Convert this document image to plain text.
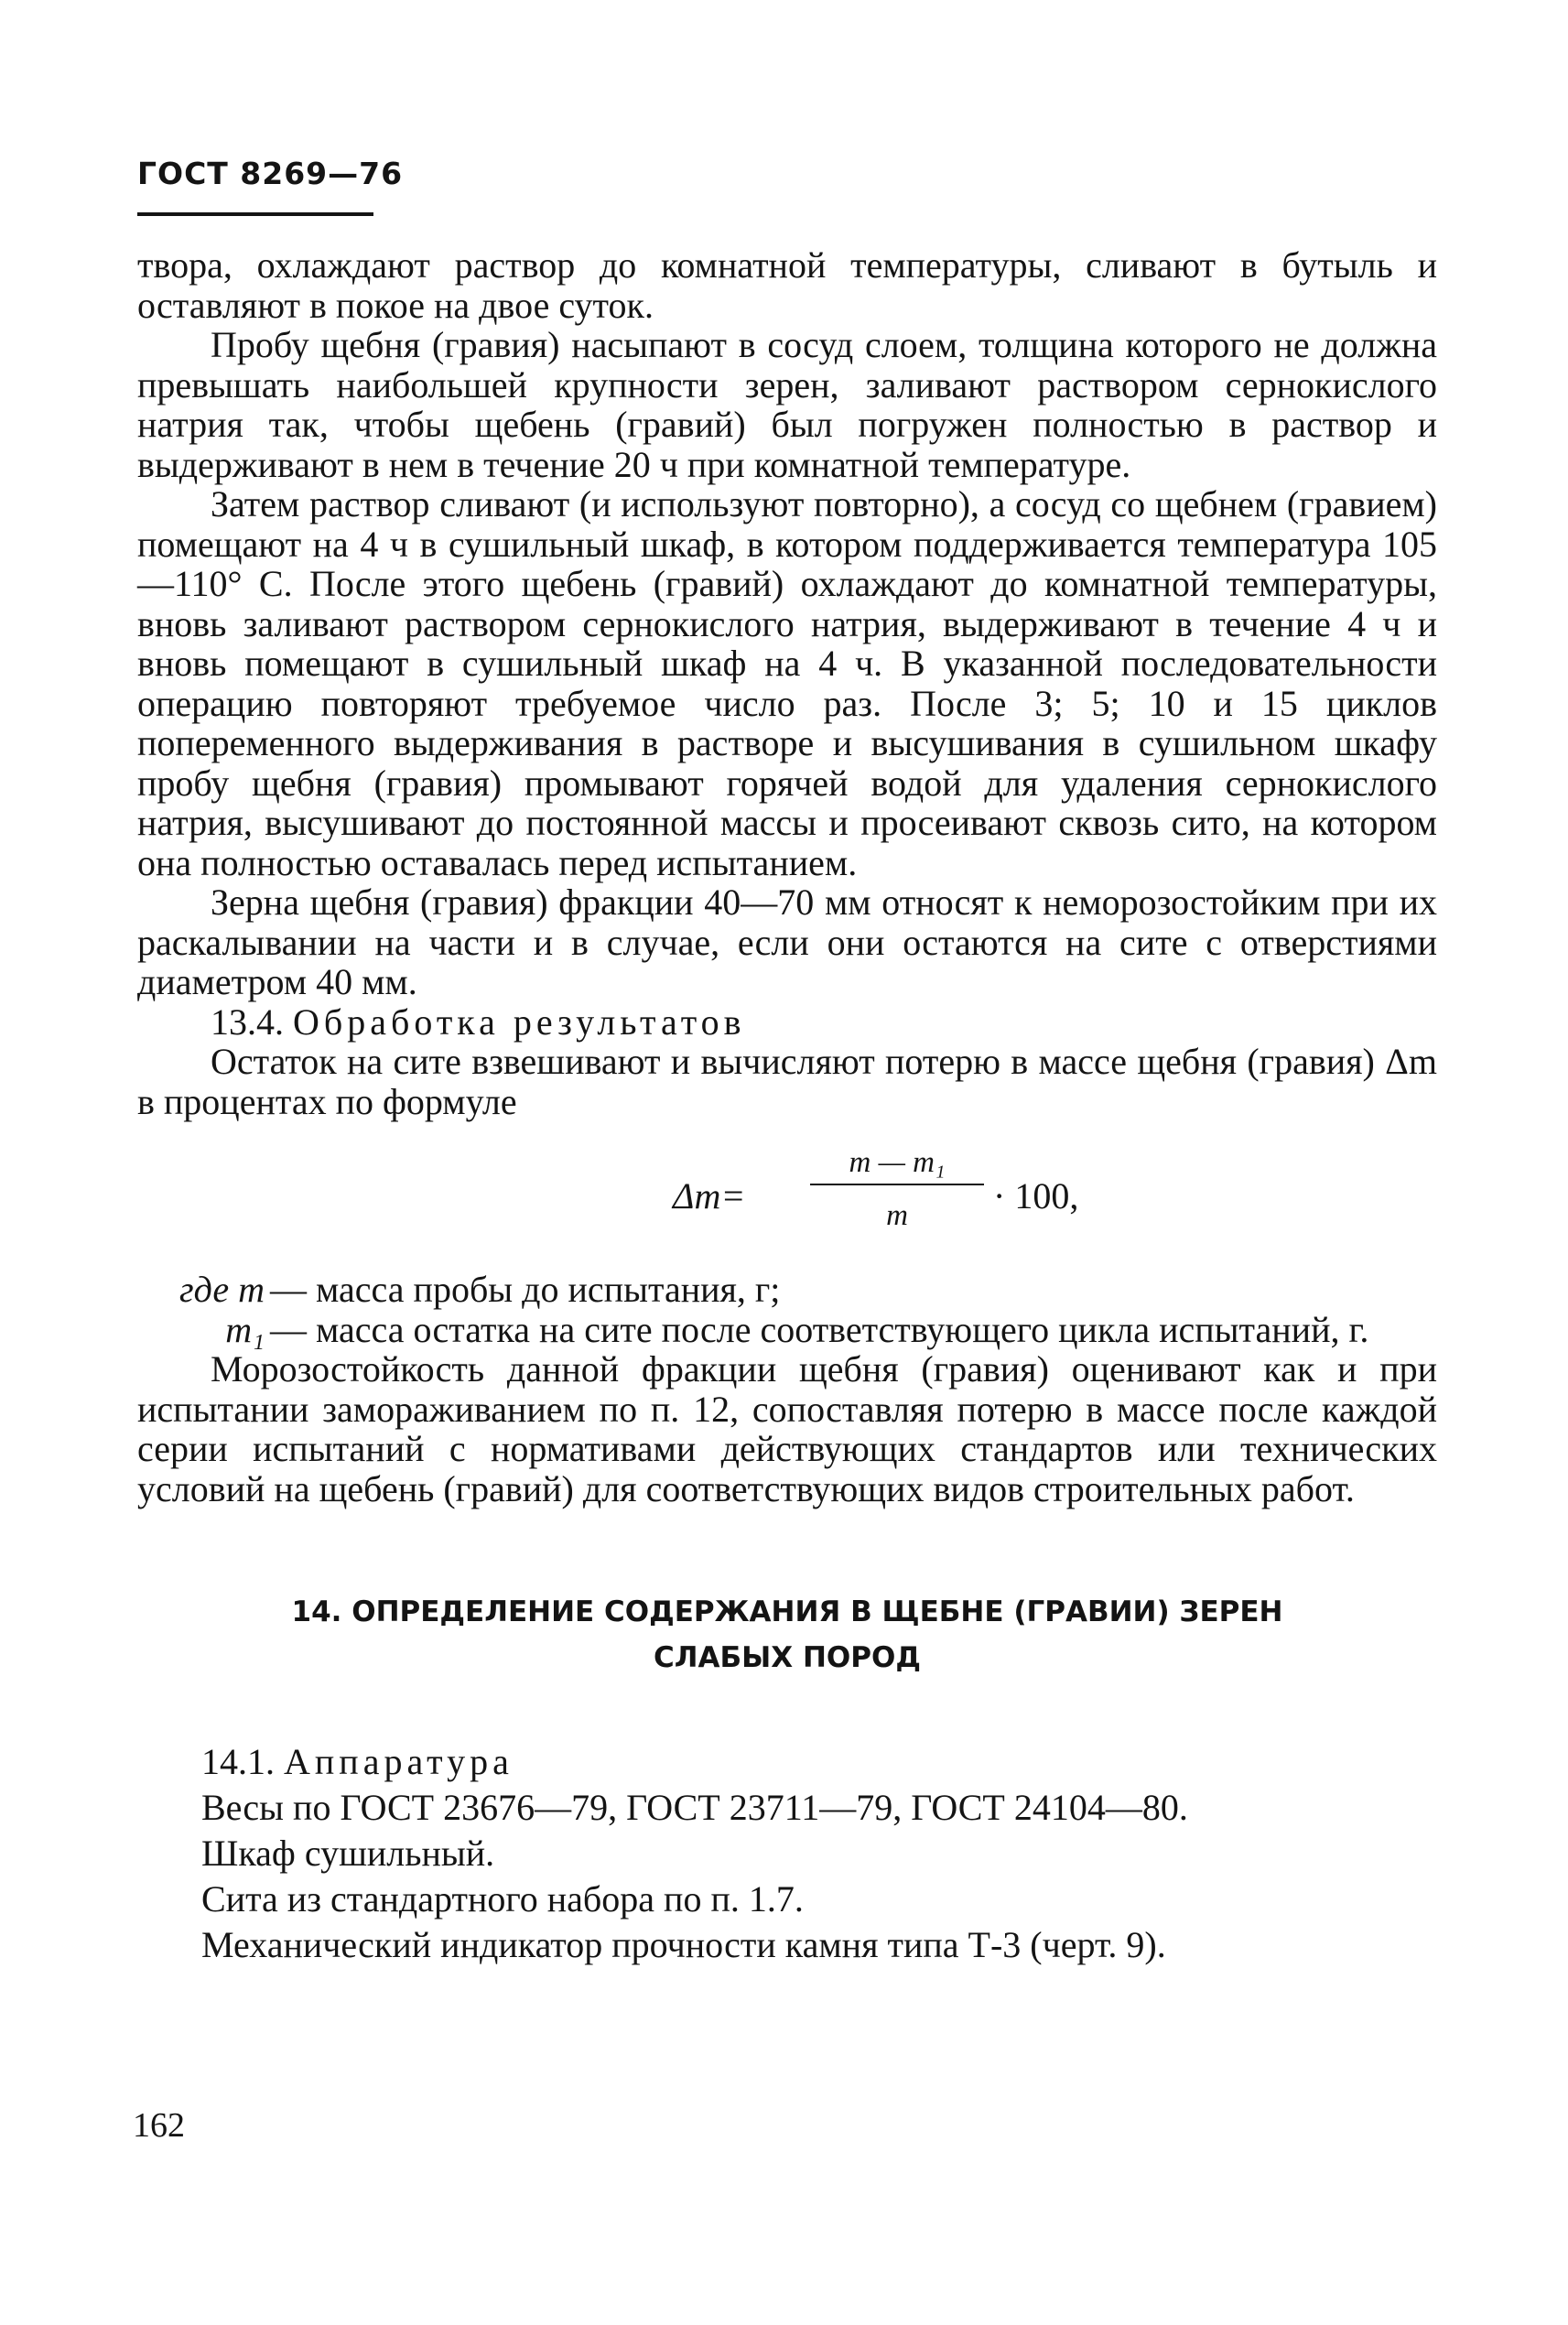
ГОСТ 8269—76

твора, охлаждают раствор до комнатной температуры, сливают в бутыль и оставляют в покое на двое суток.

Пробу щебня (гравия) насыпают в сосуд слоем, толщина которого не должна превышать наибольшей крупности зерен, заливают раствором сернокислого натрия так, чтобы щебень (гравий) был погружен полностью в раствор и выдерживают в нем в течение 20 ч при комнатной температуре.

Затем раствор сливают (и используют повторно), а сосуд со щебнем (гравием) помещают на 4 ч в сушильный шкаф, в котором поддерживается температура 105—110° С. После этого щебень (гравий) охлаждают до комнатной температуры, вновь заливают раствором сернокислого натрия, выдерживают в течение 4 ч и вновь помещают в сушильный шкаф на 4 ч. В указанной последовательности операцию повторяют требуемое число раз. После 3; 5; 10 и 15 циклов попеременного выдерживания в растворе и высушивания в сушильном шкафу пробу щебня (гравия) промывают горячей водой для удаления сернокислого натрия, высушивают до постоянной массы и просеивают сквозь сито, на котором она полностью оставалась перед испытанием.

Зерна щебня (гравия) фракции 40—70 мм относят к неморозостойким при их раскалывании на части и в случае, если они остаются на сите с отверстиями диаметром 40 мм.

13.4. Обработка результатов

Остаток на сите взвешивают и вычисляют потерю в массе щебня (гравия) Δm в процентах по формуле

$\Delta m= \frac{\text{m — m₁}}{m} \cdot 100$,
где m — масса пробы до испытания, г;
m₁ — масса остатка на сите после соответствующего цикла испытаний, г.

Морозостойкость данной фракции щебня (гравия) оценивают как и при испытании замораживанием по п. 12, сопоставляя потерю в массе после каждой серии испытаний с нормативами действующих стандартов или технических условий на щебень (гравий) для соответствующих видов строительных работ.

14. ОПРЕДЕЛЕНИЕ СОДЕРЖАНИЯ В ЩЕБНЕ (ГРАВИИ) ЗЕРЕН
СЛАБЫХ ПОРОД

14.1. Аппаратура

Весы по ГОСТ 23676—79, ГОСТ 23711—79, ГОСТ 24104—80.

Шкаф сушильный.

Сита из стандартного набора по п. 1.7.

Механический индикатор прочности камня типа Т-3 (черт. 9).

162
